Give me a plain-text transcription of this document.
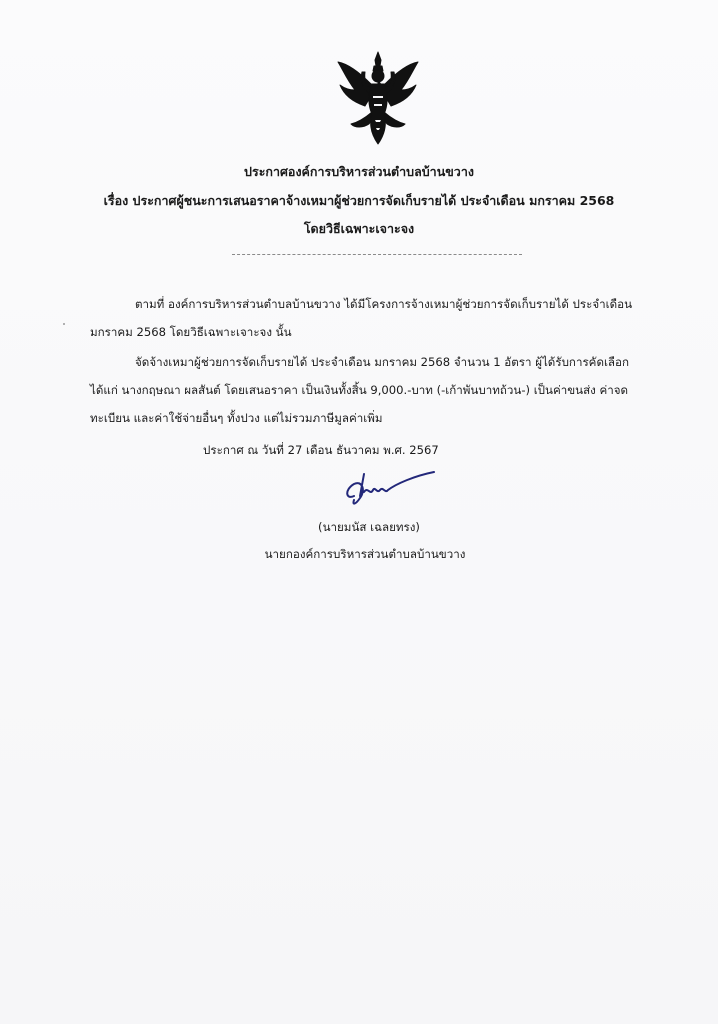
ประกาศองค์การบริหารส่วนตำบลบ้านขวาง
เรื่อง ประกาศผู้ชนะการเสนอราคาจ้างเหมาผู้ช่วยการจัดเก็บรายได้ ประจำเดือน มกราคม 2568
โดยวิธีเฉพาะเจาะจง
ตามที่ องค์การบริหารส่วนตำบลบ้านขวาง ได้มีโครงการจ้างเหมาผู้ช่วยการจัดเก็บรายได้ ประจำเดือน
มกราคม 2568 โดยวิธีเฉพาะเจาะจง นั้น
จัดจ้างเหมาผู้ช่วยการจัดเก็บรายได้ ประจำเดือน มกราคม 2568 จำนวน 1 อัตรา ผู้ได้รับการคัดเลือก
ได้แก่ นางกฤษณา ผลสันต์ โดยเสนอราคา เป็นเงินทั้งสิ้น 9,000.-บาท (-เก้าพันบาทถ้วน-) เป็นค่าขนส่ง ค่าจด
ทะเบียน และค่าใช้จ่ายอื่นๆ ทั้งปวง แต่ไม่รวมภาษีมูลค่าเพิ่ม
ประกาศ ณ วันที่ 27 เดือน ธันวาคม พ.ศ. 2567
(นายมนัส เฉลยทรง)
นายกองค์การบริหารส่วนตำบลบ้านขวาง
